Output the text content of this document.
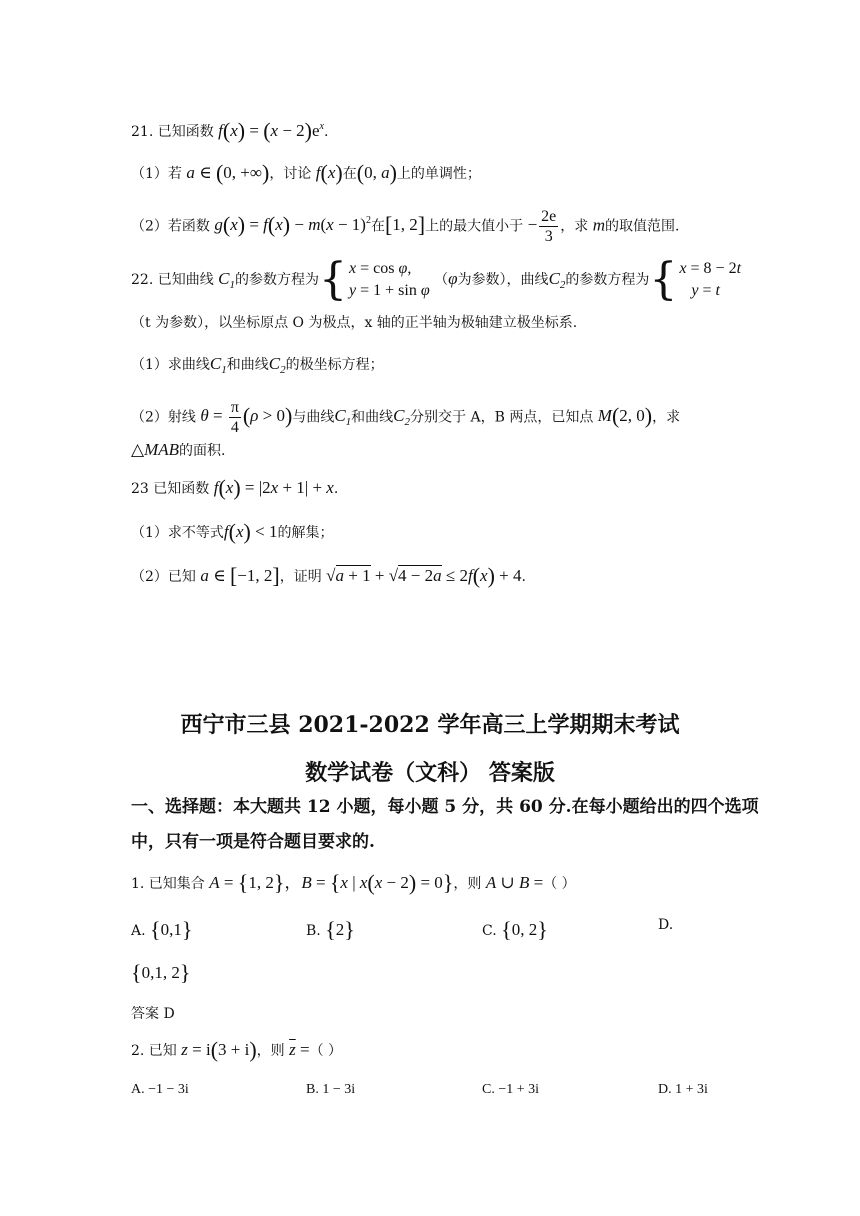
21. 已知函数 $f(x) = (x - 2)e^x$.
（1）若 a ∈ (0, +∞)，讨论 f(x)在(0, a)上的单调性；
（2）若函数 $g(x) = f(x) - m(x - 1)^2$在[1, 2]上的最大值小于 − $\frac{2e}{3}$ ，求 m的取值范围.
22. 已知曲线 $C_1$的参数方程为{ x = cos φ,
y = 1 + sin φ
（φ为参数），曲线$C_2$的参数方程为{ x = 8 − 2t
y = t
（t 为参数），以坐标原点 O 为极点，x 轴的正半轴为极轴建立极坐标系.
（1）求曲线$C_1$和曲线$C_2$的极坐标方程；
（2）射线 $\theta = \frac{\pi}{4} (\rho > 0)$与曲线$C_1$和曲线$C_2$分别交于 A，B 两点，已知点 M(2, 0)，求
△MAB的面积.
23 已知函数 f(x) = |2x + 1| + x.
（1）求不等式f(x) < 1的解集；
（2）已知 a ∈ [−1, 2]，证明 √a + 1 + √4 − 2a ≤ 2f(x) + 4.
西宁市三县 2021-2022 学年高三上学期期末考试
数学试卷（文科） 答案版
一、选择题：本大题共 12 小题，每小题 5 分，共 60 分.在每小题给出的四个选项
中，只有一项是符合题目要求的.
1. 已知集合 A = {1, 2}，B = {x | x(x − 2) = 0}，则 A ∪ B =（ ）
A. {0,1}	B. {2}	C. {0, 2}	D.
{0,1, 2}
答案 D
2. 已知 z = i(3 + i)，则 $\overline{z}$ =（ ）
A. −1 − 3i	B. 1 − 3i	C. −1 + 3i	D. 1 + 3i
